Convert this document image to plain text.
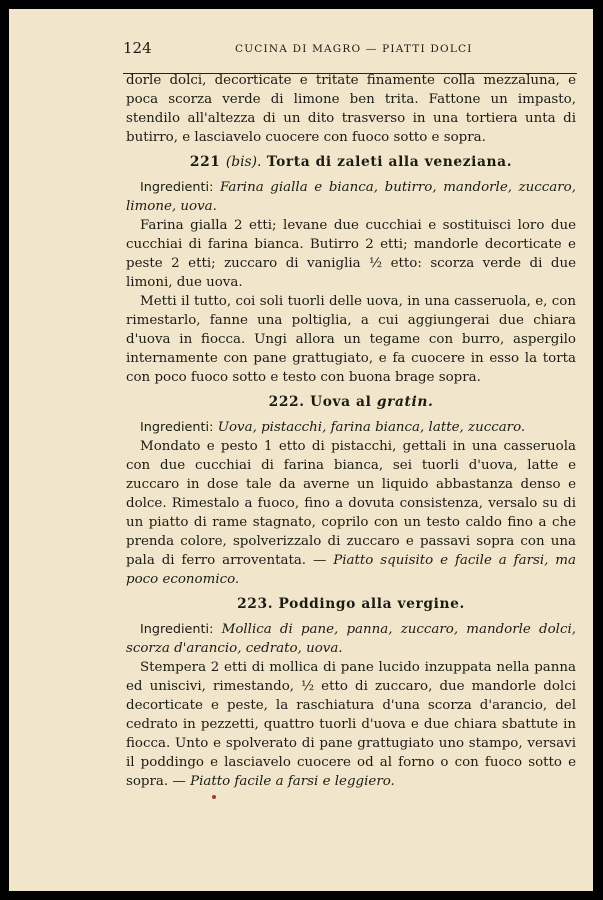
124	CUCINA DI MAGRO — PIATTI DOLCI

dorle dolci, decorticate e tritate finamente colla mezzaluna, e poca scorza verde di limone ben trita. Fattone un impasto, stendilo all'altezza di un dito trasverso in una tortiera unta di butirro, e lasciavelo cuocere con fuoco sotto e sopra.

221 (bis). Torta di zaleti alla veneziana.

Ingredienti: Farina gialla e bianca, butirro, mandorle, zuccaro, limone, uova.

Farina gialla 2 etti; levane due cucchiai e sostituisci loro due cucchiai di farina bianca. Butirro 2 etti; mandorle decorticate e peste 2 etti; zuccaro di vaniglia ½ etto: scorza verde di due limoni, due uova.

Metti il tutto, coi soli tuorli delle uova, in una casseruola, e, con rimestarlo, fanne una poltiglia, a cui aggiungerai due chiara d'uova in fiocca. Ungi allora un tegame con burro, aspergilo internamente con pane grattugiato, e fa cuocere in esso la torta con poco fuoco sotto e testo con buona brage sopra.

222. Uova al gratin.

Ingredienti: Uova, pistacchi, farina bianca, latte, zuccaro.

Mondato e pesto 1 etto di pistacchi, gettali in una casseruola con due cucchiai di farina bianca, sei tuorli d'uova, latte e zuccaro in dose tale da averne un liquido abbastanza denso e dolce. Rimestalo a fuoco, fino a dovuta consistenza, versalo su di un piatto di rame stagnato, coprilo con un testo caldo fino a che prenda colore, spolverizzalo di zuccaro e passavi sopra con una pala di ferro arroventata. — Piatto squisito e facile a farsi, ma poco economico.

223. Poddingo alla vergine.

Ingredienti: Mollica di pane, panna, zuccaro, mandorle dolci, scorza d'arancio, cedrato, uova.

Stempera 2 etti di mollica di pane lucido inzuppata nella panna ed uniscivi, rimestando, ½ etto di zuccaro, due mandorle dolci decorticate e peste, la raschiatura d'una scorza d'arancio, del cedrato in pezzetti, quattro tuorli d'uova e due chiara sbattute in fiocca. Unto e spolverato di pane grattugiato uno stampo, versavi il poddingo e lasciavelo cuocere od al forno o con fuoco sotto e sopra. — Piatto facile a farsi e leggiero.
